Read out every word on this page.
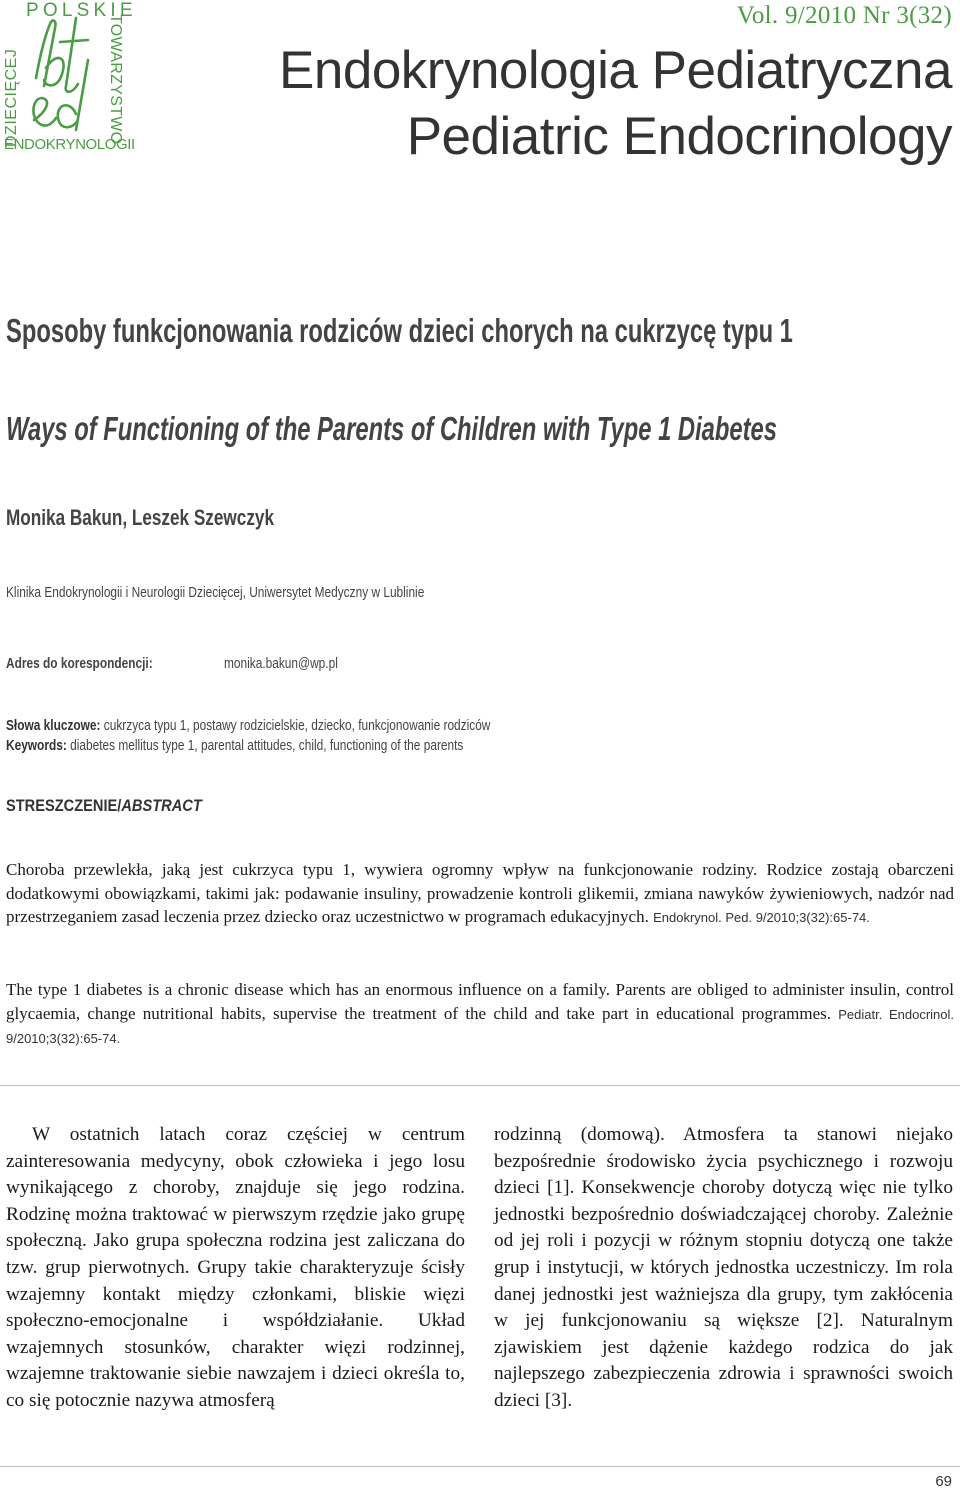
POLSKIE
DZIECIĘCEJ	TOWARZYSTWO
ENDOKRYNOLOGII
Vol. 9/2010 Nr 3(32)
Endokrynologia Pediatryczna
Pediatric Endocrinology
Sposoby funkcjonowania rodziców dzieci chorych na cukrzycę typu 1
Ways of Functioning of the Parents of Children with Type 1 Diabetes
Monika Bakun, Leszek Szewczyk
Klinika Endokrynologii i Neurologii Dziecięcej, Uniwersytet Medyczny w Lublinie
Adres do korespondencji:	monika.bakun@wp.pl
Słowa kluczowe: cukrzyca typu 1, postawy rodzicielskie, dziecko, funkcjonowanie rodziców
Keywords: diabetes mellitus type 1, parental attitudes, child, functioning of the parents
STRESZCZENIE/ABSTRACT

Choroba przewlekła, jaką jest cukrzyca typu 1, wywiera ogromny wpływ na funkcjonowanie rodziny. Rodzice zostają obarczeni dodatkowymi obowiązkami, takimi jak: podawanie insuliny, prowadzenie kontroli glikemii, zmiana nawyków żywieniowych, nadzór nad przestrzeganiem zasad leczenia przez dziecko oraz uczestnictwo w programach edukacyjnych. Endokrynol. Ped. 9/2010;3(32):65-74.

The type 1 diabetes is a chronic disease which has an enormous influence on a family. Parents are obliged to administer insulin, control glycaemia, change nutritional habits, supervise the treatment of the child and take part in educational programmes. Pediatr. Endocrinol. 9/2010;3(32):65-74.

W ostatnich latach coraz częściej w centrum zainteresowania medycyny, obok człowieka i jego losu wynikającego z choroby, znajduje się jego rodzina. Rodzinę można traktować w pierwszym rzędzie jako grupę społeczną. Jako grupa społeczna rodzina jest zaliczana do tzw. grup pierwotnych. Grupy takie charakteryzuje ścisły wzajemny kontakt między członkami, bliskie więzi społeczno-emocjonalne i współdziałanie. Układ wzajemnych stosunków, charakter więzi rodzinnej, wzajemne traktowanie siebie nawzajem i dzieci określa to, co się potocznie nazywa atmosferą

rodzinną (domową). Atmosfera ta stanowi niejako bezpośrednie środowisko życia psychicznego i rozwoju dzieci [1]. Konsekwencje choroby dotyczą więc nie tylko jednostki bezpośrednio doświadczającej choroby. Zależnie od jej roli i pozycji w różnym stopniu dotyczą one także grup i instytucji, w których jednostka uczestniczy. Im rola danej jednostki jest ważniejsza dla grupy, tym zakłócenia w jej funkcjonowaniu są większe [2]. Naturalnym zjawiskiem jest dążenie każdego rodzica do jak najlepszego zabezpieczenia zdrowia i sprawności swoich dzieci [3].

69
